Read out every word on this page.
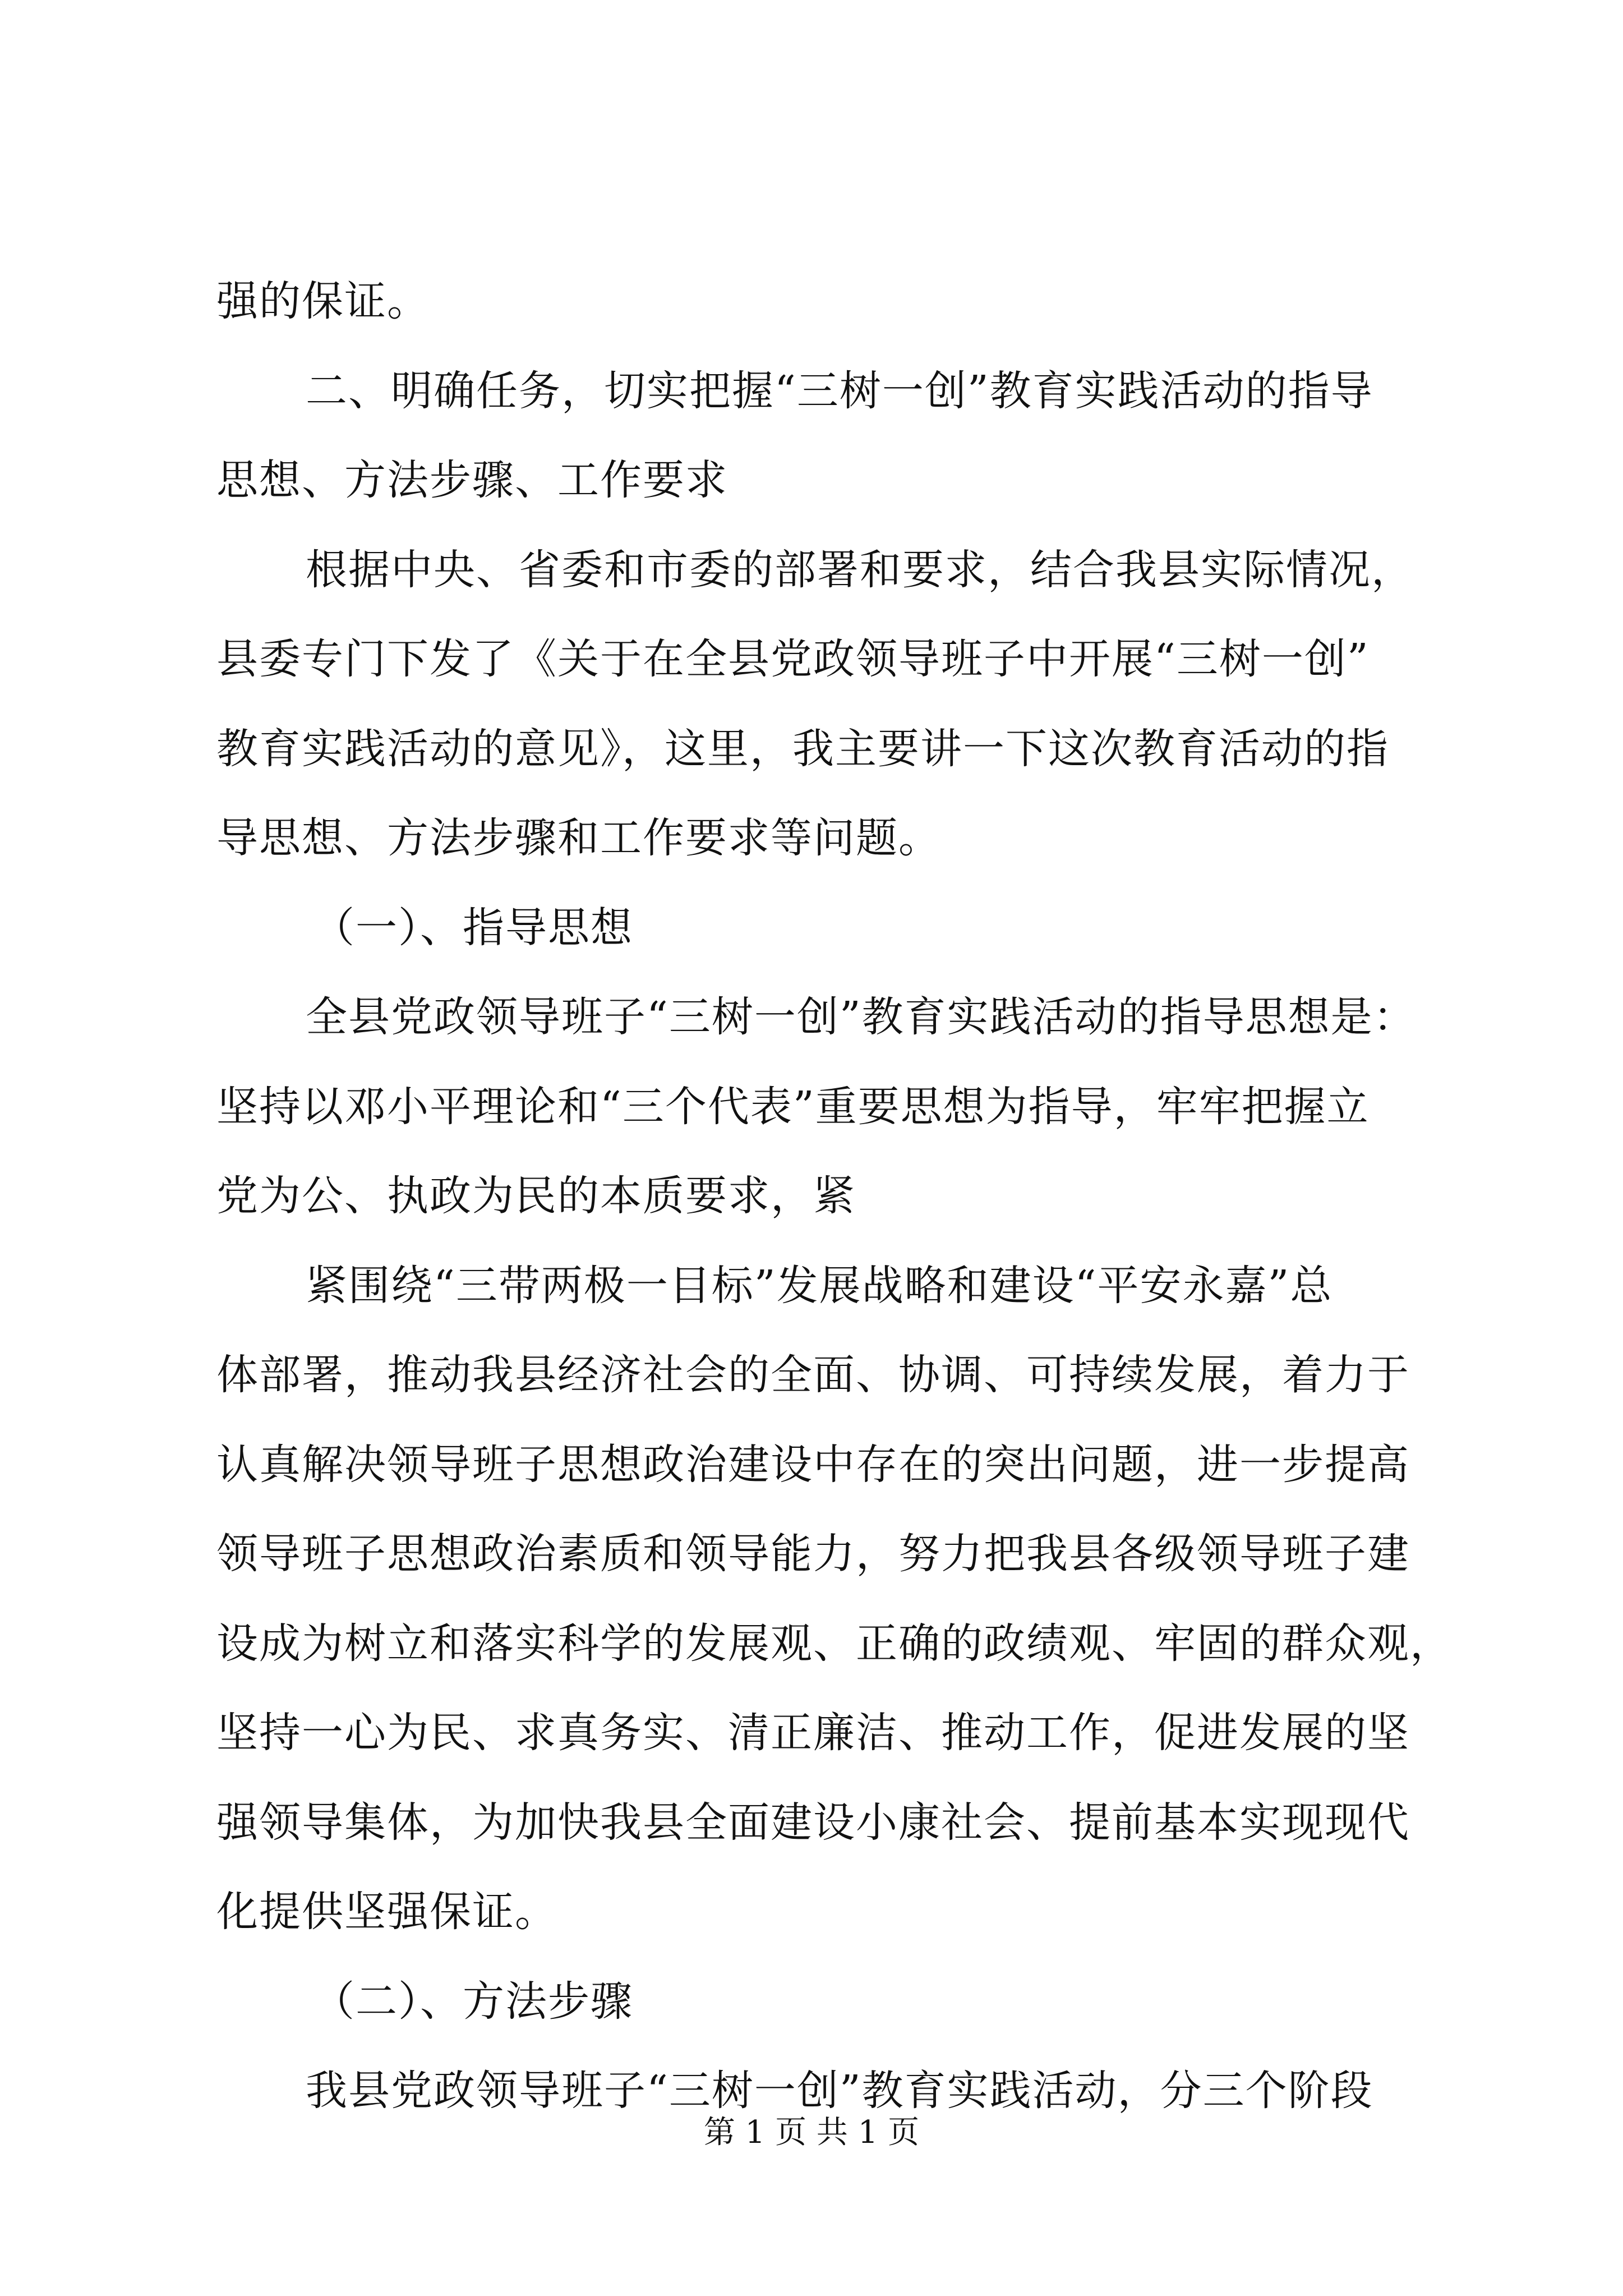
强的保证。
二、明确任务，切实把握“三树一创”教育实践活动的指导
思想、方法步骤、工作要求
根据中央、省委和市委的部署和要求，结合我县实际情况，
县委专门下发了《关于在全县党政领导班子中开展“三树一创”
教育实践活动的意见》，这里，我主要讲一下这次教育活动的指
导思想、方法步骤和工作要求等问题。
（一）、指导思想
全县党政领导班子“三树一创”教育实践活动的指导思想是：
坚持以邓小平理论和“三个代表”重要思想为指导，牢牢把握立
党为公、执政为民的本质要求，紧
紧围绕“三带两极一目标”发展战略和建设“平安永嘉”总
体部署，推动我县经济社会的全面、协调、可持续发展，着力于
认真解决领导班子思想政治建设中存在的突出问题，进一步提高
领导班子思想政治素质和领导能力，努力把我县各级领导班子建
设成为树立和落实科学的发展观、正确的政绩观、牢固的群众观，
坚持一心为民、求真务实、清正廉洁、推动工作，促进发展的坚
强领导集体，为加快我县全面建设小康社会、提前基本实现现代
化提供坚强保证。
（二）、方法步骤
我县党政领导班子“三树一创”教育实践活动，分三个阶段
第 1 页 共 1 页
